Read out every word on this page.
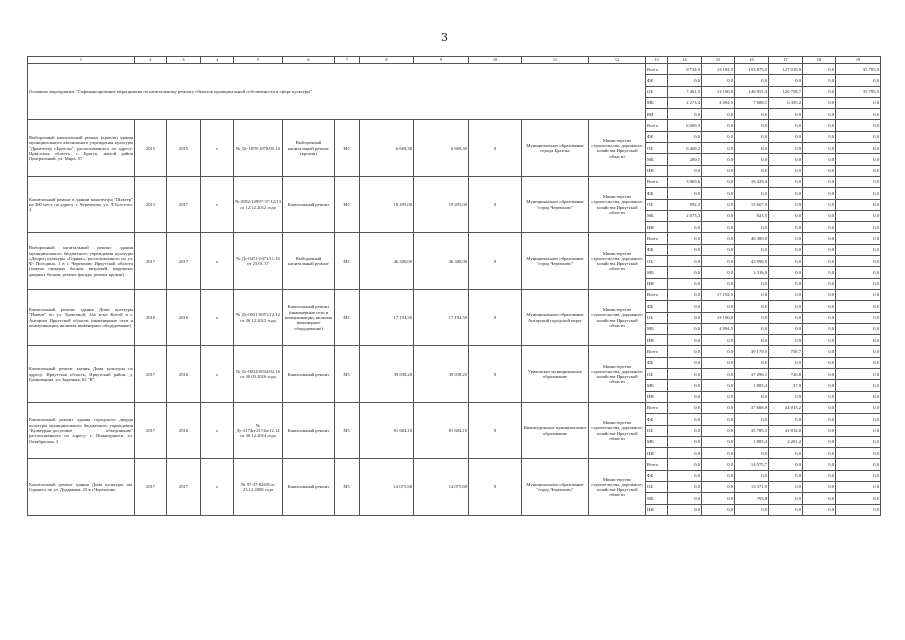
3
1	2	3	4	5	6	7	8	9	10	11	12	13	14	15	16	17	18	19
Основное мероприятие "Софинансирование мероприятия по капитальному ремонту объектов муниципальной собственности в сфере культуры"												Всего	9 734,9	13 194,5	153 879,5	127 010,9	0,0	35 785,5
												ФБ	0,0	0,0	0,0	0,0	0,0	0,0
												ОБ	7 461,5	13 100,0	146 851,4	120 758,7	0,0	35 785,5
												МБ	2 273,4	4 094,5	7 608,1	6 355,2	0,0	0,0
												ВИ	0,0	0,0	0,0	0,0	0,0	0,0
Выборочный капитальный ремонт (кровли) здания муниципального автономного учреждения культуры "Драмтеатр г.Братска", расположенного по адресу: Иркутская область, г. Братск, жилой район Центральный, ул. Мира, 57	2015	2015	х	№ Дс-1878-1878/05.14	Выборочный капитальный ремонт (кровли)	МС	6 669,30	6 669,30	0	Муниципальное образование города Братска	Министерство строительства, дорожного хозяйства Иркутской области	Всего	6 669,3	0,0	0,0	0,0	0,0	0,0
												ФБ	0,0	0,0	0,0	0,0	0,0	0,0
												ОБ	6 469,2	0,0	0,0	0,0	0,0	0,0
												МБ	200,1	0,0	0,0	0,0	0,0	0,0
												ИИ	0,0	0,0	0,0	0,0	0,0	0,0
Капитальный ремонт в здании кинотеатра "Шахтер" на 300 мест, по адресу: г. Черемхово, ул. Л.Толстого, 4	2013	2017	х	№ 0582-12997-37-12/13 от 12.12.2012 года	Капитальный ремонт	МС	19 495,00	19 495,00	0	Муниципальное образование "город Черемхово"	Министерство строительства, дорожного хозяйства Иркутской области	Всего	3 065,6	0,0	16 429,4	0,0	0,0	0,0
												ФБ	0,0	0,0	0,0	0,0	0,0	0,0
												ОБ	992,3	0,0	15 607,9	0,0	0,0	0,0
												МБ	2 073,3	0,0	821,5	0,0	0,0	0,0
												ИИ	0,0	0,0	0,0	0,0	0,0	0,0
Выборочный капитальный ремонт здания муниципального бюджетного учреждения культуры «Дворец культуры «Горняк», расположенного по ул. Ф. Погодина, 1 в г. Черемхово Иркутской области (замена оконных блоков, витражей, наружных дверных блоков; ремонт фасада; ремонт кровли)	2017	2017	х	№ Дс-0471-0471/11.16 от 25.01.17	Выборочный капитальный ремонт	МС	46 300,00	46 300,00	0	Муниципальное образование "город Черемхово"	Министерство строительства, дорожного хозяйства Иркутской области	Всего	0,0	0,0	46 300,0	0,0	0,0	0,0
												ФБ	0,0	0,0	0,0	0,0	0,0	0,0
												ОБ	0,0	0,0	43 990,0	0,0	0,0	0,0
												МБ	0,0	0,0	2 316,0	0,0	0,0	0,0
												ИИ	0,0	0,0	0,0	0,0	0,0	0,0
Капитальный ремонт здания Дома культуры "Имени" по ул. Трактовой, 34а м-на Китой в г. Ангарске Иркутской области (инженерные сети и коммуникации, включая инженерное оборудование)	2016	2016	х	№ Дс-0051-0051/12.12 от 26.12.2012 года	Капитальный ремонт (инженерные сети и коммуникации, включая инженерное оборудование)	МС	17 194,50	17 194,50	0	Муниципальное образование Ангарский городской округ	Министерство строительства, дорожного хозяйства Иркутской области	Всего	0,0	17 194,5	0,0	0,0	0,0	0,0
												ФБ	0,0	0,0	0,0	0,0	0,0	0,0
												ОБ	0,0	13 100,0	0,0	0,0	0,0	0,0
												МБ	0,0	4 094,5	0,0	0,0	0,0	0,0
												ИИ	0,0	0,0	0,0	0,0	0,0	0,0
Капитальный ремонт здания Дома культуры по адресу: Иркутская область, Иркутский район, д. Грановщина, ул. Заречная, 65 "В"	2017	2018	х	№ Дс-0034-0034/02.16 от 30.03.2016 года	Капитальный ремонт	МС	39 938,20	39 938,20	0	Уриковское муниципальное образование	Министерство строительства, дорожного хозяйства Иркутской области	Всего	0,0	0,0	39 179,5	758,7	0,0	0,0
												ФБ	0,0	0,0	0,0	0,0	0,0	0,0
												ОБ	0,0	0,0	37 296,1	720,8	0,0	0,0
												МБ	0,0	0,0	1 883,4	37,9	0,0	0,0
												ИИ	0,0	0,0	0,0	0,0	0,0	0,0
Капитальный ремонт здания городского дворца культуры муниципального бюджетного учреждения "Культурно-досуговое объединение" расположенного по адресу: г. Нижнеудинск, ул. Октябрьская, 3	2017	2018	х	№ Дс-2174и-2174и/12.14 от 30.12.2014 года	Капитальный ремонт	МС	81 684,10	81 684,10	0	Нижнеудинское муниципальное образование	Министерство строительства, дорожного хозяйства Иркутской области	Всего	0,0	0,0	37 668,9	44 015,2	0,0	0,0
												ФБ	0,0	0,0	0,0	0,0	0,0	0,0
												ОБ	0,0	0,0	35 785,5	41 814,0	0,0	0,0
												МБ	0,0	0,0	1 883,4	2 201,2	0,0	0,0
												ИИ	0,0	0,0	0,0	0,0	0,0	0,0
Капитальный ремонт здания Дома культуры им. Горького по ул. Дударкова, 25 в г.Черемхово	2017	2017	х	№ 97-37-826/8 от 23.12.2008 года	Капитальный ремонт	МС	14 075,68	14 075,68	0	Муниципальное образование "город Черемхово"	Министерство строительства, дорожного хозяйства Иркутской области	Всего	0,0	0,0	14 075,7	0,0	0,0	0,0
												ФБ	0,0	0,0	0,0	0,0	0,0	0,0
												ОБ	0,0	0,0	13 371,9	0,0	0,0	0,0
												МБ	0,0	0,0	703,8	0,0	0,0	0,0
												ИИ	0,0	0,0	0,0	0,0	0,0	0,0
